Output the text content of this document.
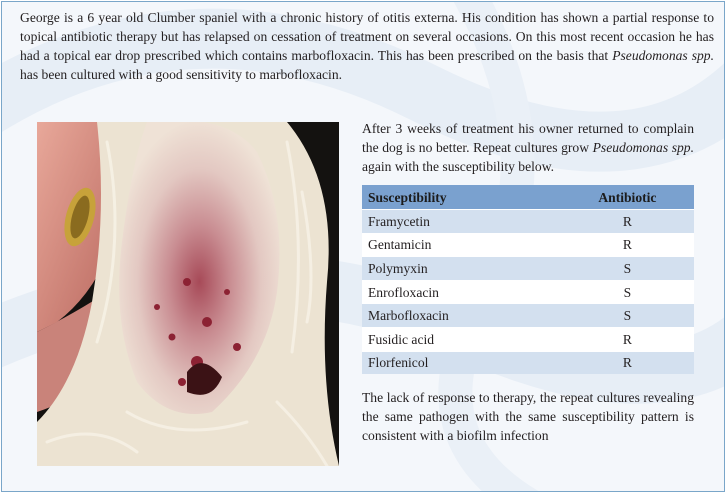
George is a 6 year old Clumber spaniel with a chronic history of otitis externa. His condition has shown a partial response to topical antibiotic therapy but has relapsed on cessation of treatment on several occasions. On this most recent occasion he has had a topical ear drop prescribed which contains marbofloxacin. This has been prescribed on the basis that Pseudomonas spp. has been cultured with a good sensitivity to marbofloxacin.

After 3 weeks of treatment his owner returned to complain the dog is no better. Repeat cultures grow Pseudomonas spp. again with the susceptibility below.

Susceptibility	Antibiotic
Framycetin	R
Gentamicin	R
Polymyxin	S
Enrofloxacin	S
Marbofloxacin	S
Fusidic acid	R
Florfenicol	R

The lack of response to therapy, the repeat cultures revealing the same pathogen with the same susceptibility pattern is consistent with a biofilm infection
